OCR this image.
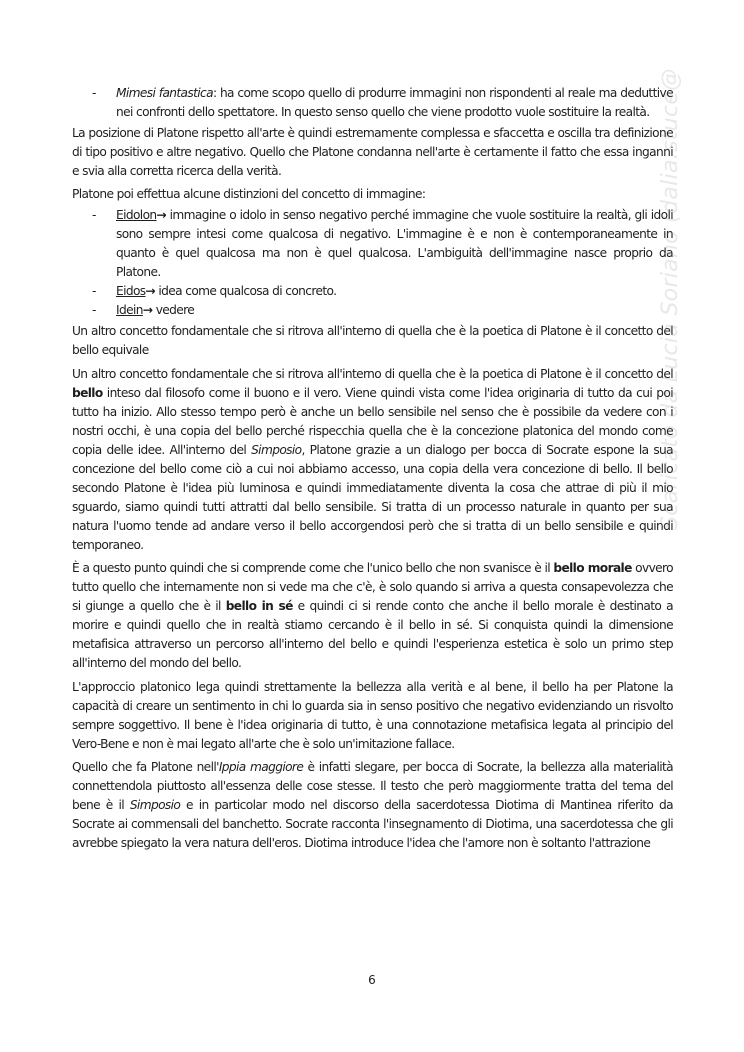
- Mimesi fantastica: ha come scopo quello di produrre immagini non rispondenti al reale ma deduttive nei confronti dello spettatore. In questo senso quello che viene prodotto vuole sostituire la realtà.

La posizione di Platone rispetto all'arte è quindi estremamente complessa e sfaccetta e oscilla tra definizione di tipo positivo e altre negativo. Quello che Platone condanna nell'arte è certamente il fatto che essa inganni e svia alla corretta ricerca della verità.

Platone poi effettua alcune distinzioni del concetto di immagine:

- Eidolon→ immagine o idolo in senso negativo perché immagine che vuole sostituire la realtà, gli idoli sono sempre intesi come qualcosa di negativo. L'immagine è e non è contemporaneamente in quanto è quel qualcosa ma non è quel qualcosa. L'ambiguità dell'immagine nasce proprio da Platone.
- Eidos→ idea come qualcosa di concreto.
- Idein→ vedere

Un altro concetto fondamentale che si ritrova all'interno di quella che è la poetica di Platone è il concetto del bello equivale

Un altro concetto fondamentale che si ritrova all'interno di quella che è la poetica di Platone è il concetto del bello inteso dal filosofo come il buono e il vero. Viene quindi vista come l'idea originaria di tutto da cui poi tutto ha inizio. Allo stesso tempo però è anche un bello sensibile nel senso che è possibile da vedere con i nostri occhi, è una copia del bello perché rispecchia quella che è la concezione platonica del mondo come copia delle idee. All'interno del Simposio, Platone grazie a un dialogo per bocca di Socrate espone la sua concezione del bello come ciò a cui noi abbiamo accesso, una copia della vera concezione di bello. Il bello secondo Platone è l'idea più luminosa e quindi immediatamente diventa la cosa che attrae di più il mio sguardo, siamo quindi tutti attratti dal bello sensibile. Si tratta di un processo naturale in quanto per sua natura l'uomo tende ad andare verso il bello accorgendosi però che si tratta di un bello sensibile e quindi temporaneo.

È a questo punto quindi che si comprende come che l'unico bello che non svanisce è il bello morale ovvero tutto quello che internamente non si vede ma che c'è, è solo quando si arriva a questa consapevolezza che si giunge a quello che è il bello in sé e quindi ci si rende conto che anche il bello morale è destinato a morire e quindi quello che in realtà stiamo cercando è il bello in sé. Si conquista quindi la dimensione metafisica attraverso un percorso all'interno del bello e quindi l'esperienza estetica è solo un primo step all'interno del mondo del bello.

L'approccio platonico lega quindi strettamente la bellezza alla verità e al bene, il bello ha per Platone la capacità di creare un sentimento in chi lo guarda sia in senso positivo che negativo evidenziando un risvolto sempre soggettivo. Il bene è l'idea originaria di tutto, è una connotazione metafisica legata al principio del Vero-Bene e non è mai legato all'arte che è solo un'imitazione fallace.

Quello che fa Platone nell'Ippia maggiore è infatti slegare, per bocca di Socrate, la bellezza alla materialità connettendola piuttosto all'essenza delle cose stesse. Il testo che però maggiormente tratta del tema del bene è il Simposio e in particolar modo nel discorso della sacerdotessa Diotima di Mantinea riferito da Socrate ai commensali del banchetto. Socrate racconta l'insegnamento di Diotima, una sacerdotessa che gli avrebbe spiegato la vera natura dell'eros. Diotima introduce l'idea che l'amore non è soltanto l'attrazione

6
Scaricato da Lucia Soriano (dalia.stuce@
